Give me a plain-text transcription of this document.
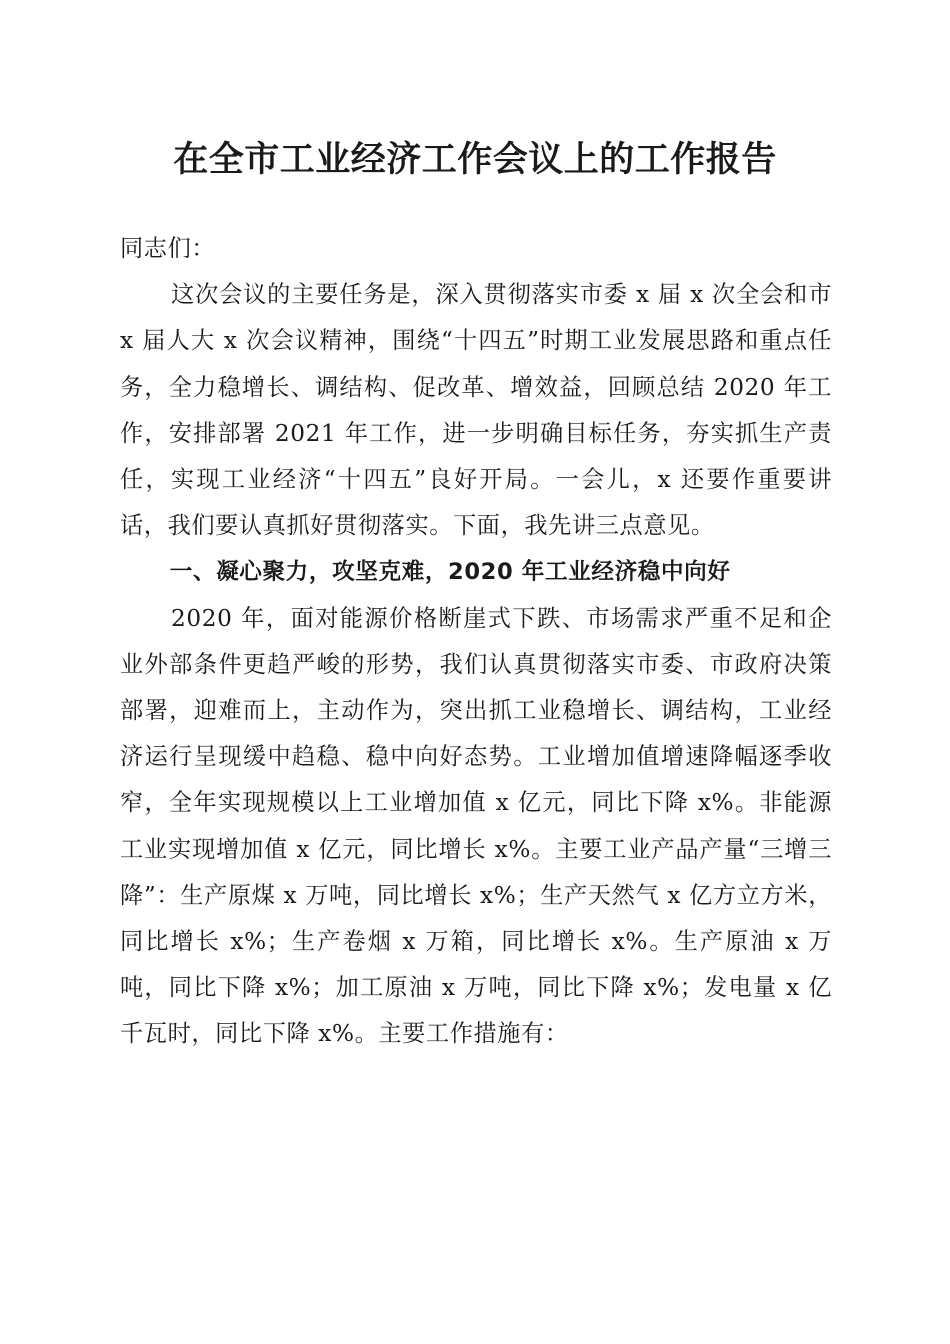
在全市工业经济工作会议上的工作报告

同志们：

这次会议的主要任务是，深入贯彻落实市委 x 届 x 次全会和市 x 届人大 x 次会议精神，围绕“十四五”时期工业发展思路和重点任务，全力稳增长、调结构、促改革、增效益，回顾总结 2020 年工作，安排部署 2021 年工作，进一步明确目标任务，夯实抓生产责任，实现工业经济“十四五”良好开局。一会儿，x 还要作重要讲话，我们要认真抓好贯彻落实。下面，我先讲三点意见。

一、凝心聚力，攻坚克难，2020 年工业经济稳中向好

2020 年，面对能源价格断崖式下跌、市场需求严重不足和企业外部条件更趋严峻的形势，我们认真贯彻落实市委、市政府决策部署，迎难而上，主动作为，突出抓工业稳增长、调结构，工业经济运行呈现缓中趋稳、稳中向好态势。工业增加值增速降幅逐季收窄，全年实现规模以上工业增加值 x 亿元，同比下降 x%。非能源工业实现增加值 x 亿元，同比增长 x%。主要工业产品产量“三增三降”：生产原煤 x 万吨，同比增长 x%；生产天然气 x 亿方立方米，同比增长 x%；生产卷烟 x 万箱，同比增长 x%。生产原油 x 万吨，同比下降 x%；加工原油 x 万吨，同比下降 x%；发电量 x 亿千瓦时，同比下降 x%。主要工作措施有：
